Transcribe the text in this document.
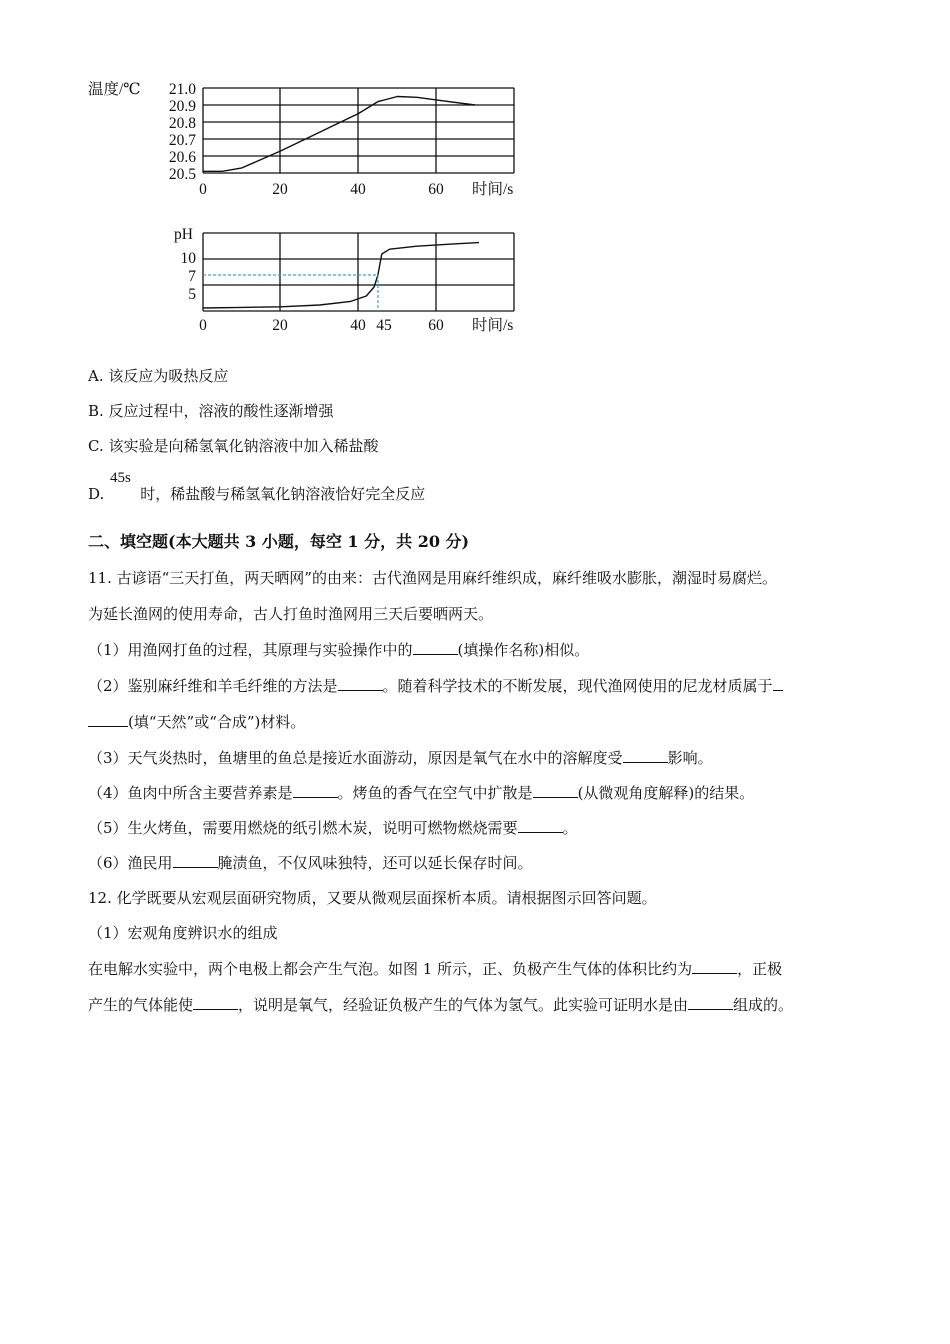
温度/℃ 21.0
20.9
20.8
20.7
20.6
20.5
0	20	40	60 时间/s
pH
10
7
5
0	20	40 45 60 时间/s
A. 该反应为吸热反应
B. 反应过程中，溶液的酸性逐渐增强
C. 该实验是向稀氢氧化钠溶液中加入稀盐酸
45s
D. 时，稀盐酸与稀氢氧化钠溶液恰好完全反应
二、填空题(本大题共 3 小题，每空 1 分，共 20 分)
11. 古谚语“三天打鱼，两天晒网”的由来：古代渔网是用麻纤维织成，麻纤维吸水膨胀，潮湿时易腐烂。
为延长渔网的使用寿命，古人打鱼时渔网用三天后要晒两天。
（1）用渔网打鱼的过程，其原理与实验操作中的	(填操作名称)相似。
（2）鉴别麻纤维和羊毛纤维的方法是	。随着科学技术的不断发展，现代渔网使用的尼龙材质属于
(填“天然”或“合成”)材料。
（3）天气炎热时，鱼塘里的鱼总是接近水面游动，原因是氧气在水中的溶解度受	影响。
（4）鱼肉中所含主要营养素是	。烤鱼的香气在空气中扩散是	(从微观角度解释)的结果。
（5）生火烤鱼，需要用燃烧的纸引燃木炭，说明可燃物燃烧需要	。
（6）渔民用	腌渍鱼，不仅风味独特，还可以延长保存时间。
12. 化学既要从宏观层面研究物质，又要从微观层面探析本质。请根据图示回答问题。
（1）宏观角度辨识水的组成
在电解水实验中，两个电极上都会产生气泡。如图 1 所示，正、负极产生气体的体积比约为	，正极
产生的气体能使	，说明是氧气，经验证负极产生的气体为氢气。此实验可证明水是由	组成的。
